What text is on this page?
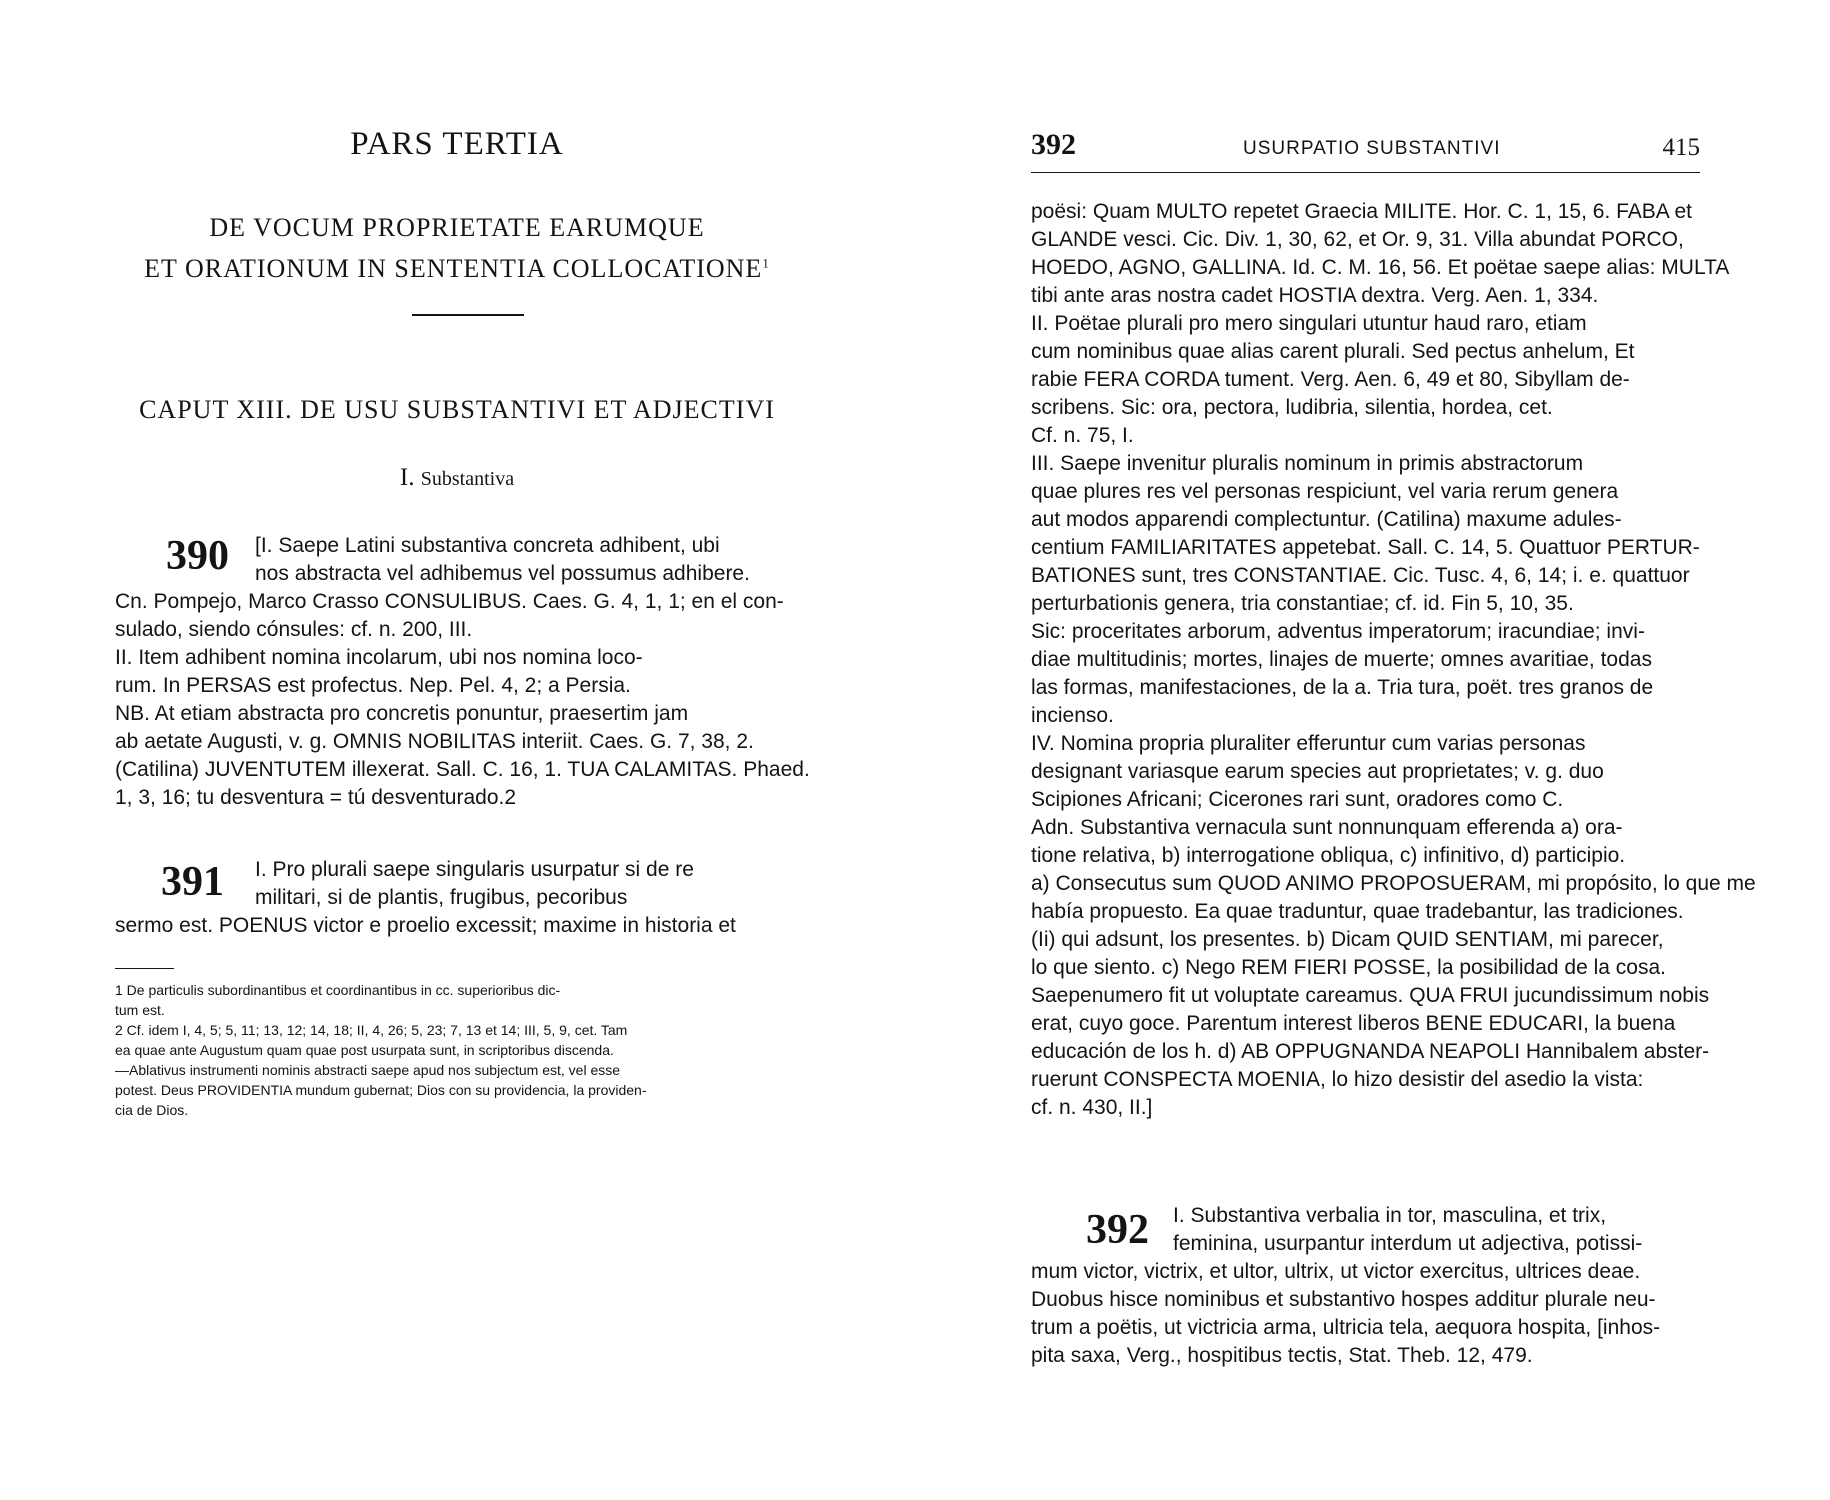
PARS TERTIA
DE VOCUM PROPRIETATE EARUMQUE
ET ORATIONUM IN SENTENTIA COLLOCATIONE$^1$
CAPUT XIII. DE USU SUBSTANTIVI ET ADJECTIVI
I. Substantiva
390 [I. Saepe Latini substantiva concreta adhibent, ubi
nos abstracta vel adhibemus vel possumus adhibere.
Cn. Pompejo, Marco Crasso CONSULIBUS. Caes. G. 4, 1, 1; en el con-
sulado, siendo cónsules: cf. n. 200, III.
II. Item adhibent nomina incolarum, ubi nos nomina loco-
rum. In PERSAS est profectus. Nep. Pel. 4, 2; a Persia.
NB. At etiam abstracta pro concretis ponuntur, praesertim jam
ab aetate Augusti, v. g. OMNIS NOBILITAS interiit. Caes. G. 7, 38, 2.
(Catilina) JUVENTUTEM illexerat. Sall. C. 16, 1. TUA CALAMITAS. Phaed.
1, 3, 16; tu desventura = tú desventurado.2
391 I. Pro plurali saepe singularis usurpatur si de re
militari, si de plantis, frugibus, pecoribus
sermo est. POENUS victor e proelio excessit; maxime in historia et
1 De particulis subordinantibus et coordinantibus in cc. superioribus dic-
tum est.
2 Cf. idem I, 4, 5; 5, 11; 13, 12; 14, 18; II, 4, 26; 5, 23; 7, 13 et 14; III, 5, 9, cet. Tam
ea quae ante Augustum quam quae post usurpata sunt, in scriptoribus discenda.
—Ablativus instrumenti nominis abstracti saepe apud nos subjectum est, vel esse
potest. Deus PROVIDENTIA mundum gubernat; Dios con su providencia, la providen-
cia de Dios.
392	USURPATIO SUBSTANTIVI	415
poësi: Quam MULTO repetet Graecia MILITE. Hor. C. 1, 15, 6. FABA et
GLANDE vesci. Cic. Div. 1, 30, 62, et Or. 9, 31. Villa abundat PORCO,
HOEDO, AGNO, GALLINA. Id. C. M. 16, 56. Et poëtae saepe alias: MULTA
tibi ante aras nostra cadet HOSTIA dextra. Verg. Aen. 1, 334.
II. Poëtae plurali pro mero singulari utuntur haud raro, etiam
cum nominibus quae alias carent plurali. Sed pectus anhelum, Et
rabie FERA CORDA tument. Verg. Aen. 6, 49 et 80, Sibyllam de-
scribens. Sic: ora, pectora, ludibria, silentia, hordea, cet.
Cf. n. 75, I.
III. Saepe invenitur pluralis nominum in primis abstractorum
quae plures res vel personas respiciunt, vel varia rerum genera
aut modos apparendi complectuntur. (Catilina) maxume adules-
centium FAMILIARITATES appetebat. Sall. C. 14, 5. Quattuor PERTUR-
BATIONES sunt, tres CONSTANTIAE. Cic. Tusc. 4, 6, 14; i. e. quattuor
perturbationis genera, tria constantiae; cf. id. Fin 5, 10, 35.
Sic: proceritates arborum, adventus imperatorum; iracundiae; invi-
diae multitudinis; mortes, linajes de muerte; omnes avaritiae, todas
las formas, manifestaciones, de la a. Tria tura, poët. tres granos de
incienso.
IV. Nomina propria pluraliter efferuntur cum varias personas
designant variasque earum species aut proprietates; v. g. duo
Scipiones Africani; Cicerones rari sunt, oradores como C.
Adn. Substantiva vernacula sunt nonnunquam efferenda a) ora-
tione relativa, b) interrogatione obliqua, c) infinitivo, d) participio.
a) Consecutus sum QUOD ANIMO PROPOSUERAM, mi propósito, lo que me
había propuesto. Ea quae traduntur, quae tradebantur, las tradiciones.
(Ii) qui adsunt, los presentes. b) Dicam QUID SENTIAM, mi parecer,
lo que siento. c) Nego REM FIERI POSSE, la posibilidad de la cosa.
Saepenumero fit ut voluptate careamus. QUA FRUI jucundissimum nobis
erat, cuyo goce. Parentum interest liberos BENE EDUCARI, la buena
educación de los h. d) AB OPPUGNANDA NEAPOLI Hannibalem abster-
ruerunt CONSPECTA MOENIA, lo hizo desistir del asedio la vista:
cf. n. 430, II.]
392 I. Substantiva verbalia in tor, masculina, et trix,
feminina, usurpantur interdum ut adjectiva, potissi-
mum victor, victrix, et ultor, ultrix, ut victor exercitus, ultrices deae.
Duobus hisce nominibus et substantivo hospes additur plurale neu-
trum a poëtis, ut victricia arma, ultricia tela, aequora hospita, [inhos-
pita saxa, Verg., hospitibus tectis, Stat. Theb. 12, 479.
